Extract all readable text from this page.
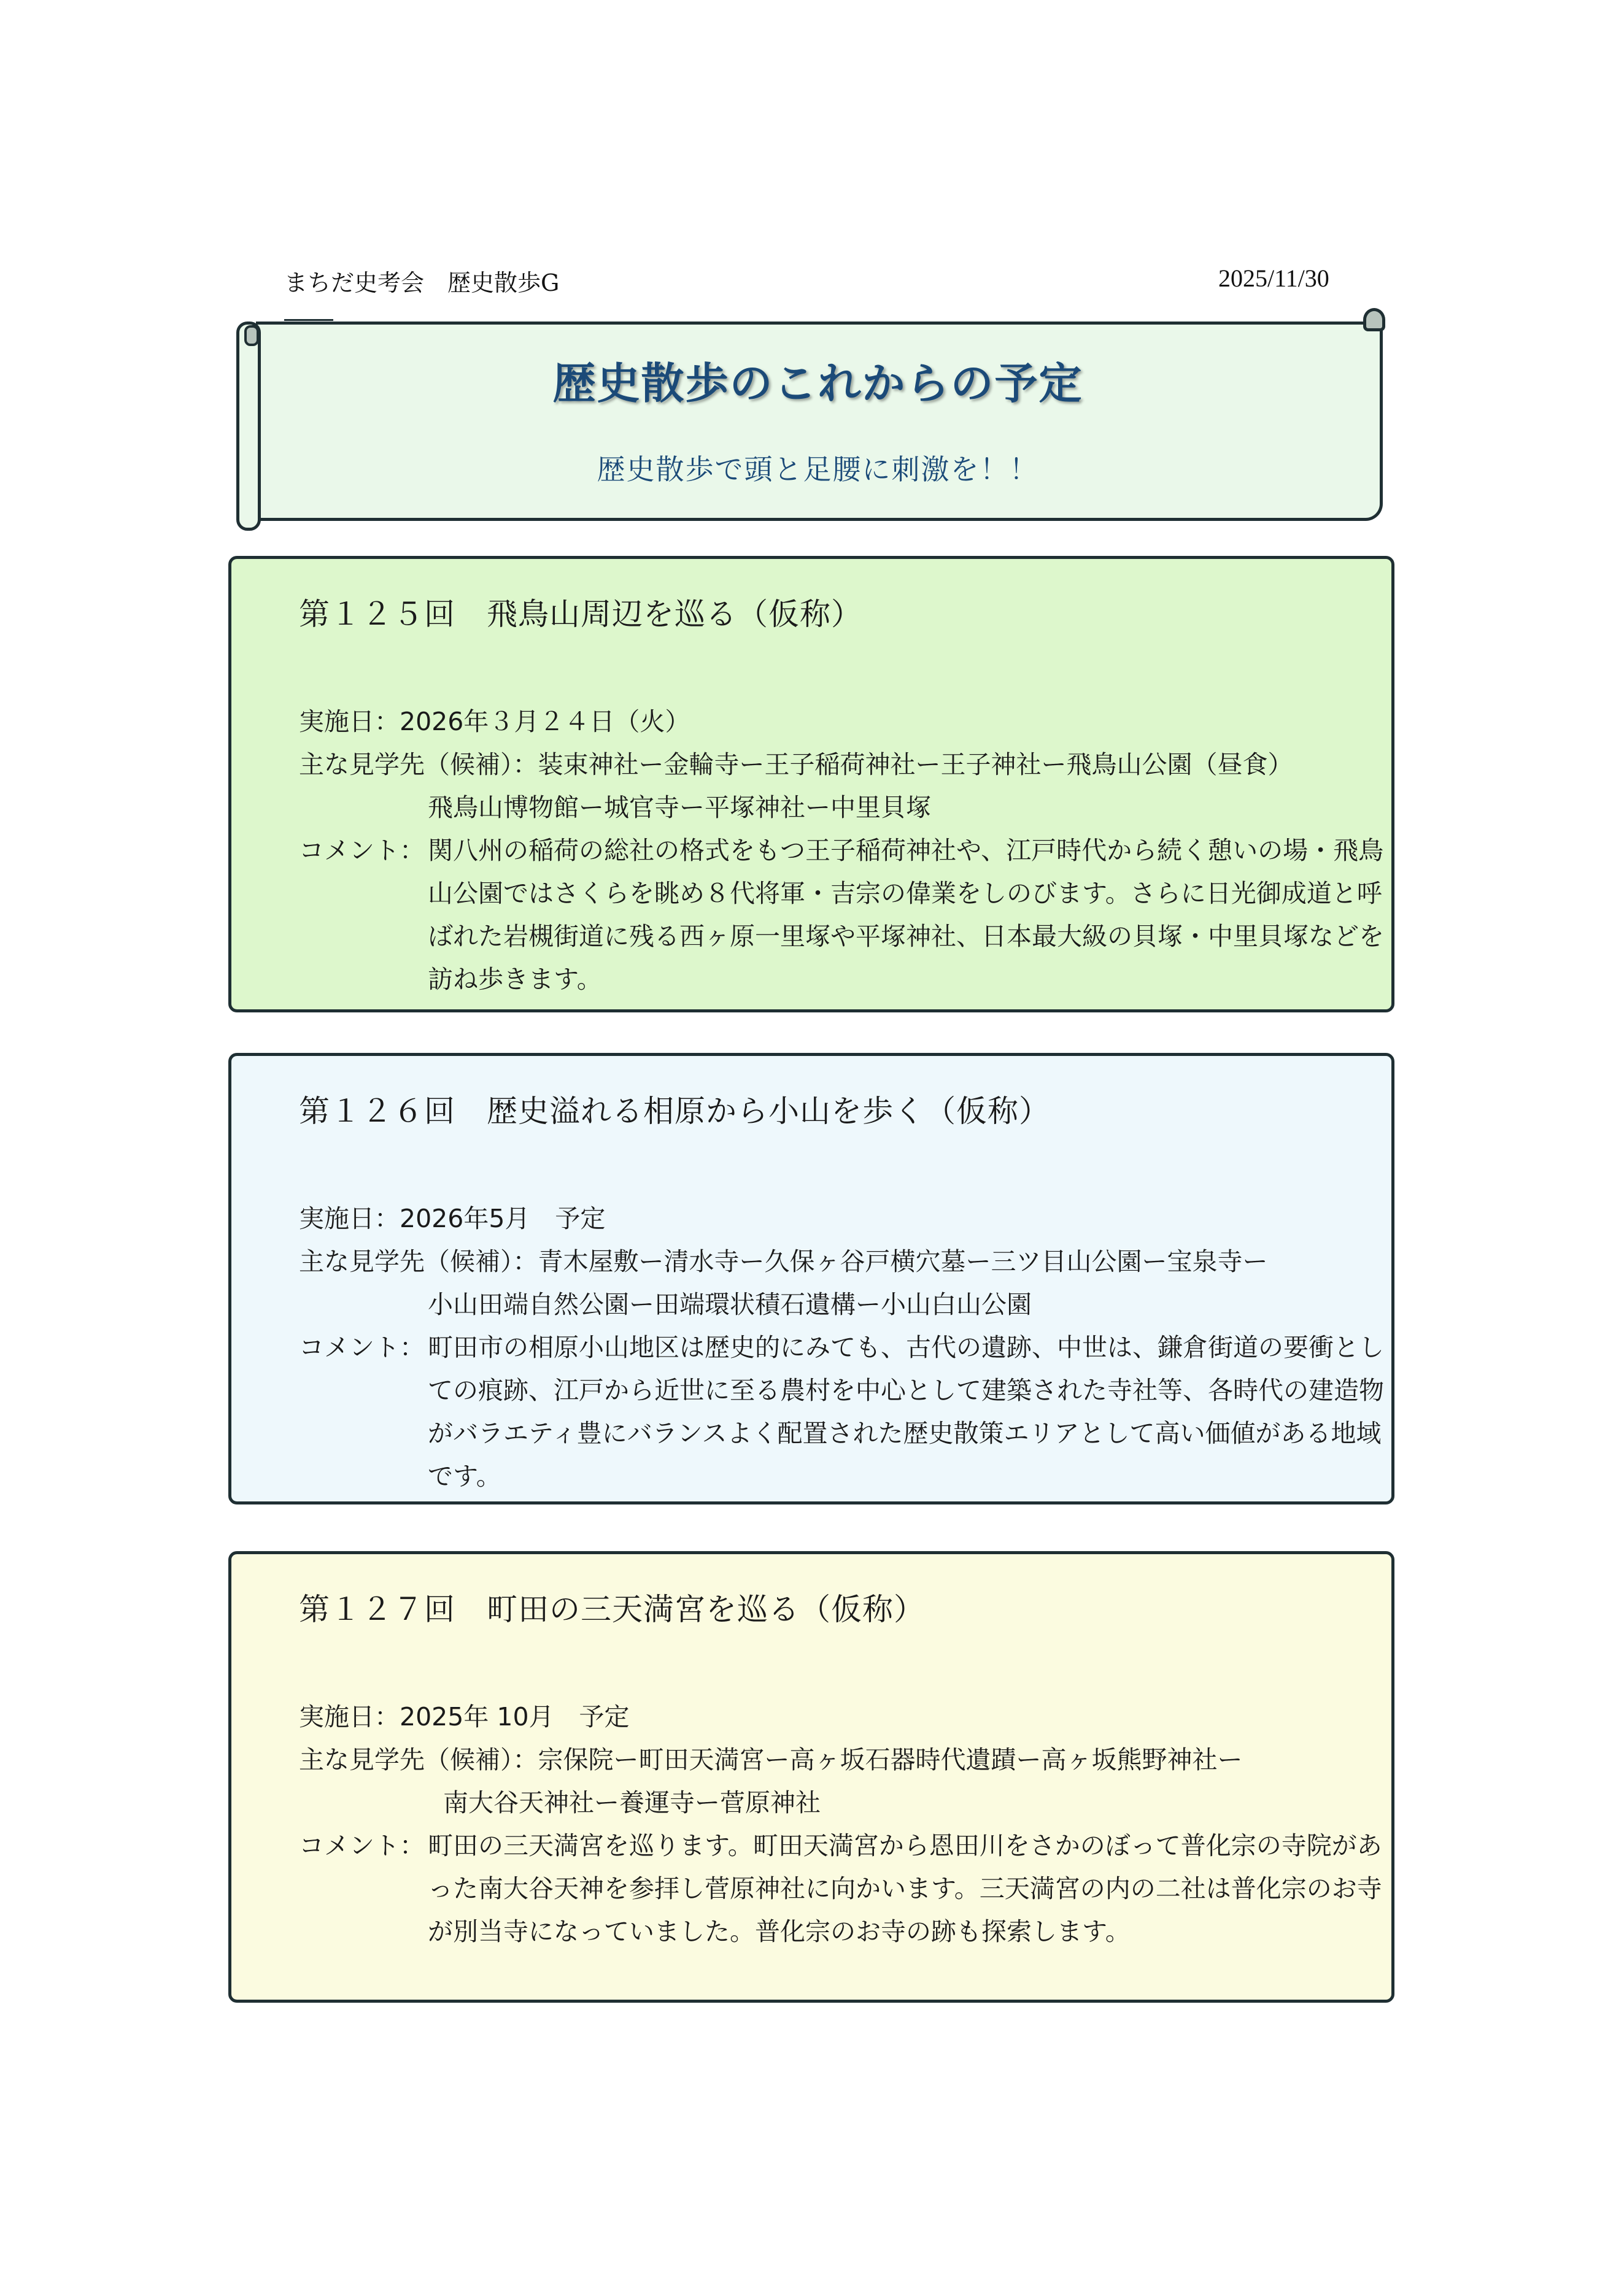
まちだ史考会　歴史散歩G	2025/11/30
歴史散歩のこれからの予定
歴史散歩で頭と足腰に刺激を！！
第１２５回　飛鳥山周辺を巡る（仮称）
実施日：2026年３月２４日（火）
主な見学先（候補）：装束神社ー金輪寺ー王子稲荷神社ー王子神社ー飛鳥山公園（昼食）
飛鳥山博物館ー城官寺ー平塚神社ー中里貝塚
コメント： 関八州の稲荷の総社の格式をもつ王子稲荷神社や、江戸時代から続く憩いの場・飛鳥山公園ではさくらを眺め８代将軍・吉宗の偉業をしのびます。さらに日光御成道と呼ばれた岩槻街道に残る西ヶ原一里塚や平塚神社、日本最大級の貝塚・中里貝塚などを訪ね歩きます。
第１２６回　歴史溢れる相原から小山を歩く（仮称）
実施日：2026年5月　予定
主な見学先（候補）：青木屋敷ー清水寺ー久保ヶ谷戸横穴墓ー三ツ目山公園ー宝泉寺ー
小山田端自然公園ー田端環状積石遺構ー小山白山公園
コメント： 町田市の相原小山地区は歴史的にみても、古代の遺跡、中世は、鎌倉街道の要衝としての痕跡、江戸から近世に至る農村を中心として建築された寺社等、各時代の建造物がバラエティ豊にバランスよく配置された歴史散策エリアとして高い価値がある地域です。
第１２７回　町田の三天満宮を巡る（仮称）
実施日：2025年 10月　予定
主な見学先（候補）：宗保院ー町田天満宮ー高ヶ坂石器時代遺蹟ー高ヶ坂熊野神社ー
南大谷天神社ー養運寺ー菅原神社
コメント： 町田の三天満宮を巡ります。町田天満宮から恩田川をさかのぼって普化宗の寺院があった南大谷天神を参拝し菅原神社に向かいます。三天満宮の内の二社は普化宗のお寺が別当寺になっていました。普化宗のお寺の跡も探索します。
